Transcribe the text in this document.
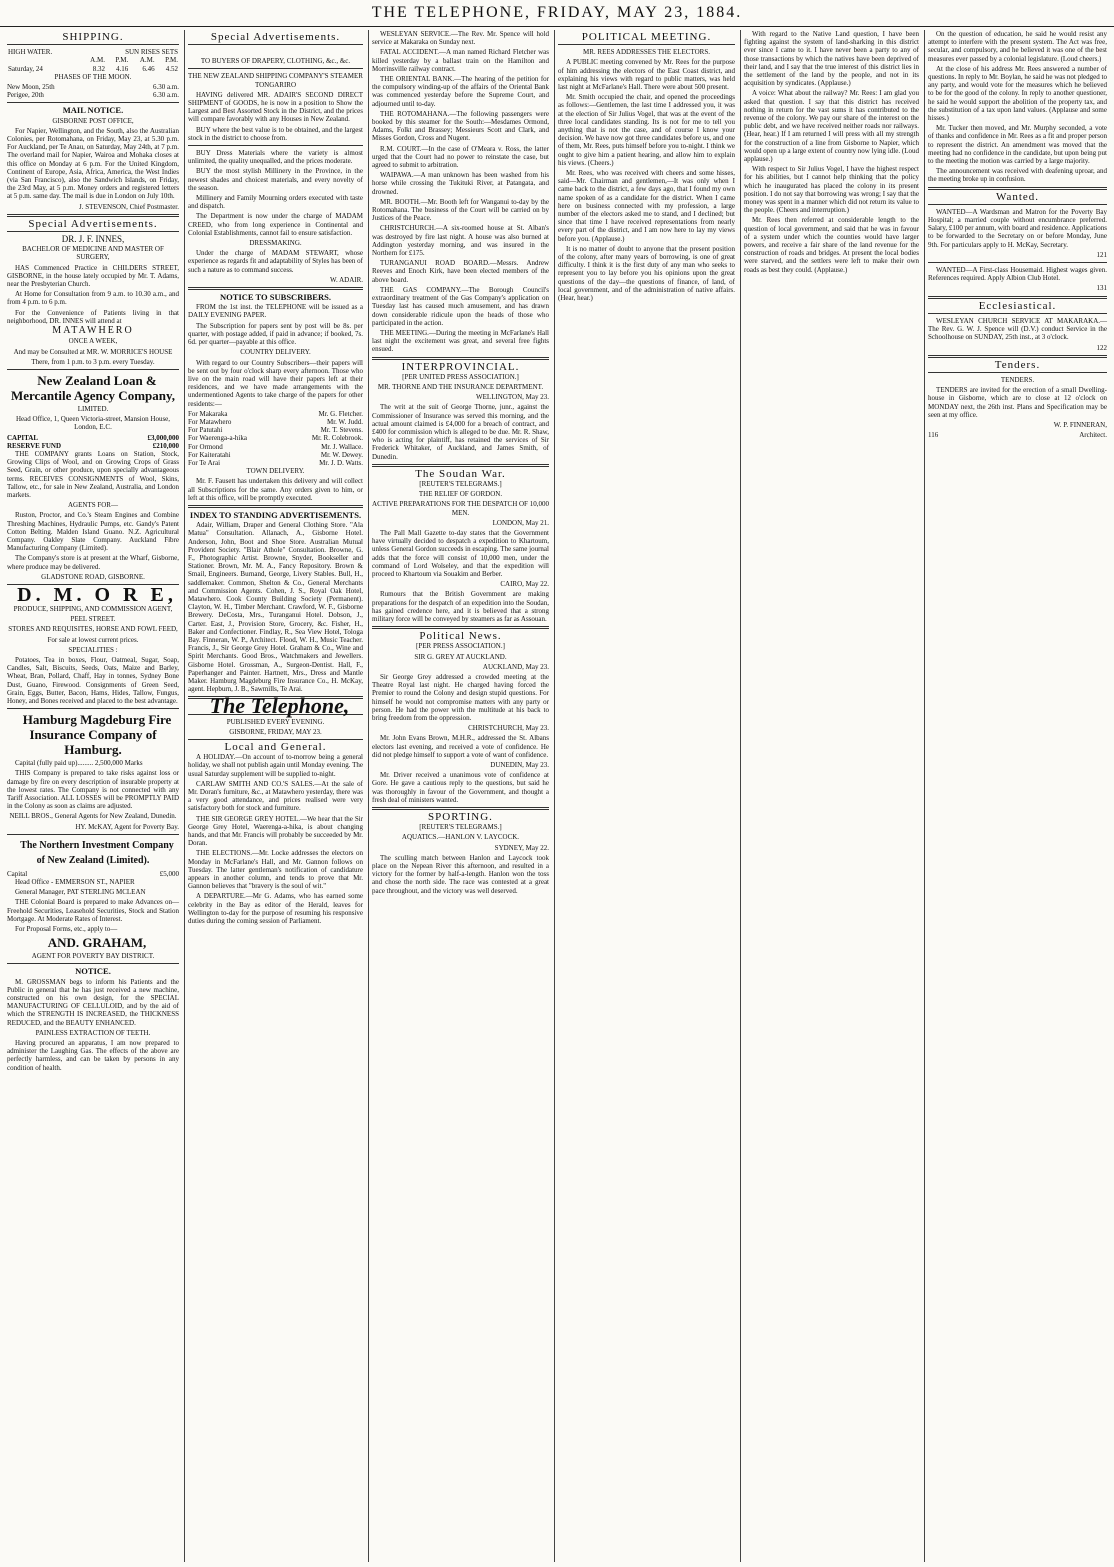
THE TELEPHONE, FRIDAY, MAY 23, 1884.
SHIPPING.
HIGH WATER.	SUN RISES SETS			
	A.M.	P.M.	A.M.	P.M.
Saturday, 24	8.32	4.16	6.46	4.52

PHASES OF THE MOON.

New Moon, 25th	6.30 a.m.
Perigee, 20th	6.30 a.m.
MAIL NOTICE.

GISBORNE POST OFFICE,

For Napier, Wellington, and the South, also the Australian Colonies, per Rotomahana, on Friday, May 23, at 5.30 p.m. For Auckland, per Te Anau, on Saturday, May 24th, at 7 p.m. The overland mail for Napier, Wairoa and Mohaka closes at this office on Monday at 6 p.m. For the United Kingdom, Continent of Europe, Asia, Africa, America, the West Indies (via San Francisco), also the Sandwich Islands, on Friday, the 23rd May, at 5 p.m. Money orders and registered letters at 5 p.m. same day. The mail is due in London on July 10th.

J. STEVENSON, Chief Postmaster.

Special Advertisements.

DR. J. F. INNES,

BACHELOR OF MEDICINE AND MASTER OF SURGERY,

HAS Commenced Practice in CHILDERS STREET, GISBORNE, in the house lately occupied by Mr. T. Adams, near the Presbyterian Church.

At Home for Consultation from 9 a.m. to 10.30 a.m., and from 4 p.m. to 6 p.m.

For the Convenience of Patients living in that neighborhood, DR. INNES will attend at

MATAWHERO

ONCE A WEEK,

And may be Consulted at MR. W. MORRICE'S HOUSE

There, from 1 p.m. to 3 p.m. every Tuesday.

New Zealand Loan & Mercantile Agency Company,

LIMITED.

Head Office, 1, Queen Victoria-street, Mansion House, London, E.C.

CAPITAL	£3,000,000
RESERVE FUND	£210,000

THE COMPANY grants Loans on Station, Stock, Growing Clips of Wool, and on Growing Crops of Grass Seed, Grain, or other produce, upon specially advantageous terms. RECEIVES CONSIGNMENTS of Wool, Skins, Tallow, etc., for sale in New Zealand, Australia, and London markets.

AGENTS FOR—

Ruston, Proctor, and Co.'s Steam Engines and Combine Threshing Machines, Hydraulic Pumps, etc. Gandy's Patent Cotton Belting. Malden Island Guano. N.Z. Agricultural Company. Oakley Slate Company. Auckland Fibre Manufacturing Company (Limited).

The Company's store is at present at the Wharf, Gisborne, where produce may be delivered.

GLADSTONE ROAD, GISBORNE.

D. M. O R E,

PRODUCE, SHIPPING, AND COMMISSION AGENT,

PEEL STREET.

STORES AND REQUISITES, HORSE AND FOWL FEED,

For sale at lowest current prices.

SPECIALITIES :

Potatoes, Tea in boxes, Flour, Oatmeal, Sugar, Soap, Candles, Salt, Biscuits, Seeds, Oats, Maize and Barley, Wheat, Bran, Pollard, Chaff, Hay in tonnes, Sydney Bone Dust, Guano, Firewood. Consignments of Green Seed, Grain, Eggs, Butter, Bacon, Hams, Hides, Tallow, Fungus, Honey, and Bones received and placed to the best advantage.

Hamburg Magdeburg Fire Insurance Company of Hamburg.

Capital (fully paid up)......... 2,500,000 Marks

THIS Company is prepared to take risks against loss or damage by fire on every description of insurable property at the lowest rates. The Company is not connected with any Tariff Association. ALL LOSSES will be PROMPTLY PAID in the Colony as soon as claims are adjusted.

NEILL BROS., General Agents for New Zealand, Dunedin.

HY. McKAY, Agent for Poverty Bay.

The Northern Investment Company of New Zealand (Limited).

Capital	£5,000

Head Office - EMMERSON ST., NAPIER

General Manager, PAT STERLING MCLEAN

THE Colonial Board is prepared to make Advances on— Freehold Securities, Leasehold Securities, Stock and Station Mortgage. At Moderate Rates of Interest.

For Proposal Forms, etc., apply to—

AND. GRAHAM,

AGENT FOR POVERTY BAY DISTRICT.

NOTICE.

M. GROSSMAN begs to inform his Patients and the Public in general that he has just received a new machine, constructed on his own design, for the SPECIAL MANUFACTURING OF CELLULOID, and by the aid of which the STRENGTH IS INCREASED, the THICKNESS REDUCED, and the BEAUTY ENHANCED.

PAINLESS EXTRACTION OF TEETH.

Having procured an apparatus, I am now prepared to administer the Laughing Gas. The effects of the above are perfectly harmless, and can be taken by persons in any condition of health.

Special Advertisements.

TO BUYERS OF DRAPERY, CLOTHING, &c., &c.

THE NEW ZEALAND SHIPPING COMPANY'S STEAMER TONGARIRO

HAVING delivered MR. ADAIR'S SECOND DIRECT SHIPMENT of GOODS, he is now in a position to Show the Largest and Best Assorted Stock in the District, and the prices will compare favorably with any Houses in New Zealand.

BUY where the best value is to be obtained, and the largest stock in the district to choose from.

BUY Dress Materials where the variety is almost unlimited, the quality unequalled, and the prices moderate.

BUY the most stylish Millinery in the Province, in the newest shades and choicest materials, and every novelty of the season.

Millinery and Family Mourning orders executed with taste and dispatch.

The Department is now under the charge of MADAM CREED, who from long experience in Continental and Colonial Establishments, cannot fail to ensure satisfaction.

DRESSMAKING.

Under the charge of MADAM STEWART, whose experience as regards fit and adaptability of Styles has been of such a nature as to command success.

W. ADAIR.

NOTICE TO SUBSCRIBERS.

FROM the 1st inst. the TELEPHONE will be issued as a DAILY EVENING PAPER.

The Subscription for papers sent by post will be 8s. per quarter, with postage added, if paid in advance; if booked, 7s. 6d. per quarter—payable at this office.

COUNTRY DELIVERY.

With regard to our Country Subscribers—their papers will be sent out by four o'clock sharp every afternoon. Those who live on the main road will have their papers left at their residences, and we have made arrangements with the undermentioned Agents to take charge of the papers for other residents:—

For Makaraka	Mr. G. Fletcher.
For Matawhero	Mr. W. Judd.
For Patutahi	Mr. T. Stevens.
For Waerenga-a-hika	Mr. R. Colebrook.
For Ormond	Mr. J. Wallace.
For Kaiteratahi	Mr. W. Dewey.
For Te Arai	Mr. J. D. Watts.

TOWN DELIVERY.

Mr. F. Fausett has undertaken this delivery and will collect all Subscriptions for the same. Any orders given to him, or left at this office, will be promptly executed.

INDEX TO STANDING ADVERTISEMENTS.

Adair, William, Draper and General Clothing Store. "Ala Matua" Consultation. Allanach, A., Gisborne Hotel. Anderson, John, Boot and Shoe Store. Australian Mutual Provident Society. "Blair Athole" Consultation. Browne, G. F., Photographic Artist. Browne, Snyder, Bookseller and Stationer. Brown, Mr. M. A., Fancy Repository. Brown & Smail, Engineers. Burnand, George, Livery Stables. Bull, H., saddlemaker. Common, Shelton & Co., General Merchants and Commission Agents. Cohen, J. S., Royal Oak Hotel, Matawhero. Cook County Building Society (Permanent). Clayton, W. H., Timber Merchant. Crawford, W. F., Gisborne Brewery. DeCosta, Mrs., Turanganui Hotel. Dobson, J., Carter. East, J., Provision Store, Grocery, &c. Fisher, H., Baker and Confectioner. Findlay, R., Sea View Hotel, Tologa Bay. Finneran, W. P., Architect. Flood, W. H., Music Teacher. Francis, J., Sir George Grey Hotel. Graham & Co., Wine and Spirit Merchants. Good Bros., Watchmakers and Jewellers. Gisborne Hotel. Grossman, A., Surgeon-Dentist. Hall, F., Paperhanger and Painter. Hartnett, Mrs., Dress and Mantle Maker. Hamburg Magdeburg Fire Insurance Co., H. McKay, agent. Hepburn, J. B., Sawmills, Te Arai.

The Telephone,

PUBLISHED EVERY EVENING.

GISBORNE, FRIDAY, MAY 23.

Local and General.

A HOLIDAY.—On account of to-morrow being a general holiday, we shall not publish again until Monday evening. The usual Saturday supplement will be supplied to-night.

CARLAW SMITH AND CO.'S SALES.—At the sale of Mr. Doran's furniture, &c., at Matawhero yesterday, there was a very good attendance, and prices realised were very satisfactory both for stock and furniture.

THE SIR GEORGE GREY HOTEL.—We hear that the Sir George Grey Hotel, Waerenga-a-hika, is about changing hands, and that Mr. Francis will probably be succeeded by Mr. Doran.

THE ELECTIONS.—Mr. Locke addresses the electors on Monday in McFarlane's Hall, and Mr. Gannon follows on Tuesday. The latter gentleman's notification of candidature appears in another column, and tends to prove that Mr. Gannon believes that "bravery is the soul of wit."

A DEPARTURE.—Mr G. Adams, who has earned some celebrity in the Bay as editor of the Herald, leaves for Wellington to-day for the purpose of resuming his responsive duties during the coming session of Parliament.

WESLEYAN SERVICE.—The Rev. Mr. Spence will hold service at Makaraka on Sunday next.

FATAL ACCIDENT.—A man named Richard Fletcher was killed yesterday by a ballast train on the Hamilton and Morrinsville railway contract.

THE ORIENTAL BANK.—The hearing of the petition for the compulsory winding-up of the affairs of the Oriental Bank was commenced yesterday before the Supreme Court, and adjourned until to-day.

THE ROTOMAHANA.—The following passengers were booked by this steamer for the South:—Mesdames Ormond, Adams, Folkt and Brassey; Messieurs Scott and Clark, and Misses Gordon, Cross and Nugent.

R.M. COURT.—In the case of O'Meara v. Ross, the latter urged that the Court had no power to reinstate the case, but agreed to submit to arbitration.

WAIPAWA.—A man unknown has been washed from his horse while crossing the Tukituki River, at Patangata, and drowned.

MR. BOOTH.—Mr. Booth left for Wanganui to-day by the Rotomahana. The business of the Court will be carried on by Justices of the Peace.

CHRISTCHURCH.—A six-roomed house at St. Alban's was destroyed by fire last night. A house was also burned at Addington yesterday morning, and was insured in the Northern for £175.

TURANGANUI ROAD BOARD.—Messrs. Andrew Reeves and Enoch Kirk, have been elected members of the above board.

THE GAS COMPANY.—The Borough Council's extraordinary treatment of the Gas Company's application on Tuesday last has caused much amusement, and has drawn down considerable ridicule upon the heads of those who participated in the action.

THE MEETING.—During the meeting in McFarlane's Hall last night the excitement was great, and several free fights ensued.

INTERPROVINCIAL.

[PER UNITED PRESS ASSOCIATION.]

MR. THORNE AND THE INSURANCE DEPARTMENT.

WELLINGTON, May 23.

The writ at the suit of George Thorne, junr., against the Commissioner of Insurance was served this morning, and the actual amount claimed is £4,000 for a breach of contract, and £400 for commission which is alleged to be due. Mr. R. Shaw, who is acting for plaintiff, has retained the services of Sir Frederick Whitaker, of Auckland, and James Smith, of Dunedin.

The Soudan War.

[REUTER'S TELEGRAMS.]

THE RELIEF OF GORDON.

ACTIVE PREPARATIONS FOR THE DESPATCH OF 10,000 MEN.

LONDON, May 21.

The Pall Mall Gazette to-day states that the Government have virtually decided to despatch a expedition to Khartoum, unless General Gordon succeeds in escaping. The same journal adds that the force will consist of 10,000 men, under the command of Lord Wolseley, and that the expedition will proceed to Khartoum via Souakim and Berber.

CAIRO, May 22.

Rumours that the British Government are making preparations for the despatch of an expedition into the Soudan, has gained credence here, and it is believed that a strong military force will be conveyed by steamers as far as Assouan.

Political News.

[PER PRESS ASSOCIATION.]

SIR G. GREY AT AUCKLAND.

AUCKLAND, May 23.

Sir George Grey addressed a crowded meeting at the Theatre Royal last night. He charged having forced the Premier to round the Colony and design stupid questions. For himself he would not compromise matters with any party or person. He had the power with the multitude at his back to bring freedom from the oppression.

CHRISTCHURCH, May 23.

Mr. John Evans Brown, M.H.R., addressed the St. Albans electors last evening, and received a vote of confidence. He did not pledge himself to support a vote of want of confidence.

DUNEDIN, May 23.

Mr. Driver received a unanimous vote of confidence at Gore. He gave a cautious reply to the questions, but said he was thoroughly in favour of the Government, and thought a fresh deal of ministers wanted.

SPORTING.

[REUTER'S TELEGRAMS.]

AQUATICS.—HANLON V. LAYCOCK.

SYDNEY, May 22.

The sculling match between Hanlon and Laycock took place on the Nepean River this afternoon, and resulted in a victory for the former by half-a-length. Hanlon won the toss and chose the north side. The race was contested at a great pace throughout, and the victory was well deserved.

POLITICAL MEETING.

MR. REES ADDRESSES THE ELECTORS.

A PUBLIC meeting convened by Mr. Rees for the purpose of him addressing the electors of the East Coast district, and explaining his views with regard to public matters, was held last night at McFarlane's Hall. There were about 500 present.

Mr. Smith occupied the chair, and opened the proceedings as follows:—Gentlemen, the last time I addressed you, it was at the election of Sir Julius Vogel, that was at the event of the three local candidates standing. Its is not for me to tell you anything that is not the case, and of course I know your decision. We have now got three candidates before us, and one of them, Mr. Rees, puts himself before you to-night. I think we ought to give him a patient hearing, and allow him to explain his views. (Cheers.)

Mr. Rees, who was received with cheers and some hisses, said—Mr. Chairman and gentlemen,—It was only when I came back to the district, a few days ago, that I found my own name spoken of as a candidate for the district. When I came here on business connected with my profession, a large number of the electors asked me to stand, and I declined; but since that time I have received representations from nearly every part of the district, and I am now here to lay my views before you. (Applause.)

It is no matter of doubt to anyone that the present position of the colony, after many years of borrowing, is one of great difficulty. I think it is the first duty of any man who seeks to represent you to lay before you his opinions upon the great questions of the day—the questions of finance, of land, of local government, and of the administration of native affairs. (Hear, hear.)

With regard to the Native Land question, I have been fighting against the system of land-sharking in this district ever since I came to it. I have never been a party to any of those transactions by which the natives have been deprived of their land, and I say that the true interest of this district lies in the settlement of the land by the people, and not in its acquisition by syndicates. (Applause.)

A voice: What about the railway? Mr. Rees: I am glad you asked that question. I say that this district has received nothing in return for the vast sums it has contributed to the revenue of the colony. We pay our share of the interest on the public debt, and we have received neither roads nor railways. (Hear, hear.) If I am returned I will press with all my strength for the construction of a line from Gisborne to Napier, which would open up a large extent of country now lying idle. (Loud applause.)

With respect to Sir Julius Vogel, I have the highest respect for his abilities, but I cannot help thinking that the policy which he inaugurated has placed the colony in its present position. I do not say that borrowing was wrong; I say that the money was spent in a manner which did not return its value to the people. (Cheers and interruption.)

Mr. Rees then referred at considerable length to the question of local government, and said that he was in favour of a system under which the counties would have larger powers, and receive a fair share of the land revenue for the construction of roads and bridges. At present the local bodies were starved, and the settlers were left to make their own roads as best they could. (Applause.)

On the question of education, he said he would resist any attempt to interfere with the present system. The Act was free, secular, and compulsory, and he believed it was one of the best measures ever passed by a colonial legislature. (Loud cheers.)

At the close of his address Mr. Rees answered a number of questions. In reply to Mr. Boylan, he said he was not pledged to any party, and would vote for the measures which he believed to be for the good of the colony. In reply to another questioner, he said he would support the abolition of the property tax, and the substitution of a tax upon land values. (Applause and some hisses.)

Mr. Tucker then moved, and Mr. Murphy seconded, a vote of thanks and confidence in Mr. Rees as a fit and proper person to represent the district. An amendment was moved that the meeting had no confidence in the candidate, but upon being put to the meeting the motion was carried by a large majority.

The announcement was received with deafening uproar, and the meeting broke up in confusion.

Wanted.

WANTED—A Wardsman and Matron for the Poverty Bay Hospital; a married couple without encumbrance preferred. Salary, £100 per annum, with board and residence. Applications to be forwarded to the Secretary on or before Monday, June 9th. For particulars apply to H. McKay, Secretary.

121

WANTED—A First-class Housemaid. Highest wages given. References required. Apply Albion Club Hotel.

131

Ecclesiastical.

WESLEYAN CHURCH SERVICE AT MAKARAKA.—The Rev. G. W. J. Spence will (D.V.) conduct Service in the Schoolhouse on SUNDAY, 25th inst., at 3 o'clock.

122

Tenders.

TENDERS.

TENDERS are invited for the erection of a small Dwelling-house in Gisborne, which are to close at 12 o'clock on MONDAY next, the 26th inst. Plans and Specification may be seen at my office.

W. P. FINNERAN,

116	Architect.
